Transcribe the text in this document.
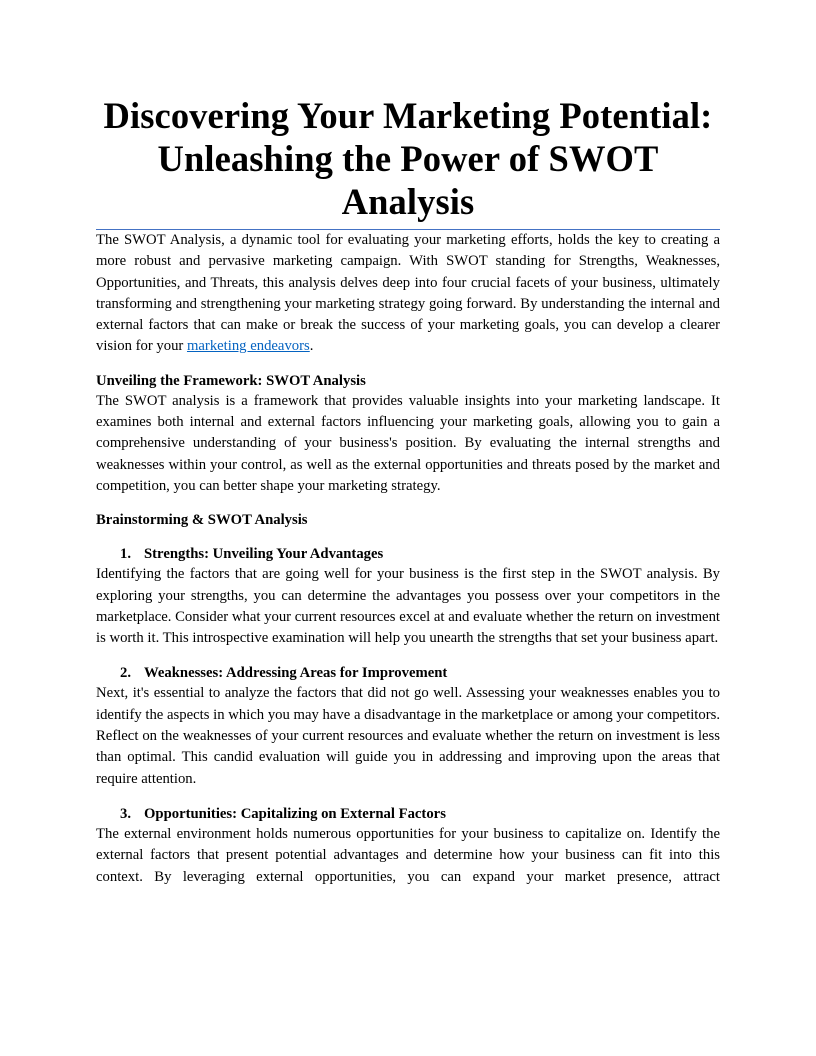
Discovering Your Marketing Potential:
Unleashing the Power of SWOT Analysis

The SWOT Analysis, a dynamic tool for evaluating your marketing efforts, holds the key to creating a more robust and pervasive marketing campaign. With SWOT standing for Strengths, Weaknesses, Opportunities, and Threats, this analysis delves deep into four crucial facets of your business, ultimately transforming and strengthening your marketing strategy going forward. By understanding the internal and external factors that can make or break the success of your marketing goals, you can develop a clearer vision for your marketing endeavors.

Unveiling the Framework: SWOT Analysis

The SWOT analysis is a framework that provides valuable insights into your marketing landscape. It examines both internal and external factors influencing your marketing goals, allowing you to gain a comprehensive understanding of your business's position. By evaluating the internal strengths and weaknesses within your control, as well as the external opportunities and threats posed by the market and competition, you can better shape your marketing strategy.

Brainstorming & SWOT Analysis
1. Strengths: Unveiling Your Advantages

Identifying the factors that are going well for your business is the first step in the SWOT analysis. By exploring your strengths, you can determine the advantages you possess over your competitors in the marketplace. Consider what your current resources excel at and evaluate whether the return on investment is worth it. This introspective examination will help you unearth the strengths that set your business apart.

2. Weaknesses: Addressing Areas for Improvement

Next, it's essential to analyze the factors that did not go well. Assessing your weaknesses enables you to identify the aspects in which you may have a disadvantage in the marketplace or among your competitors. Reflect on the weaknesses of your current resources and evaluate whether the return on investment is less than optimal. This candid evaluation will guide you in addressing and improving upon the areas that require attention.

3. Opportunities: Capitalizing on External Factors

The external environment holds numerous opportunities for your business to capitalize on. Identify the external factors that present potential advantages and determine how your business can fit into this context. By leveraging external opportunities, you can expand your market presence, attract
